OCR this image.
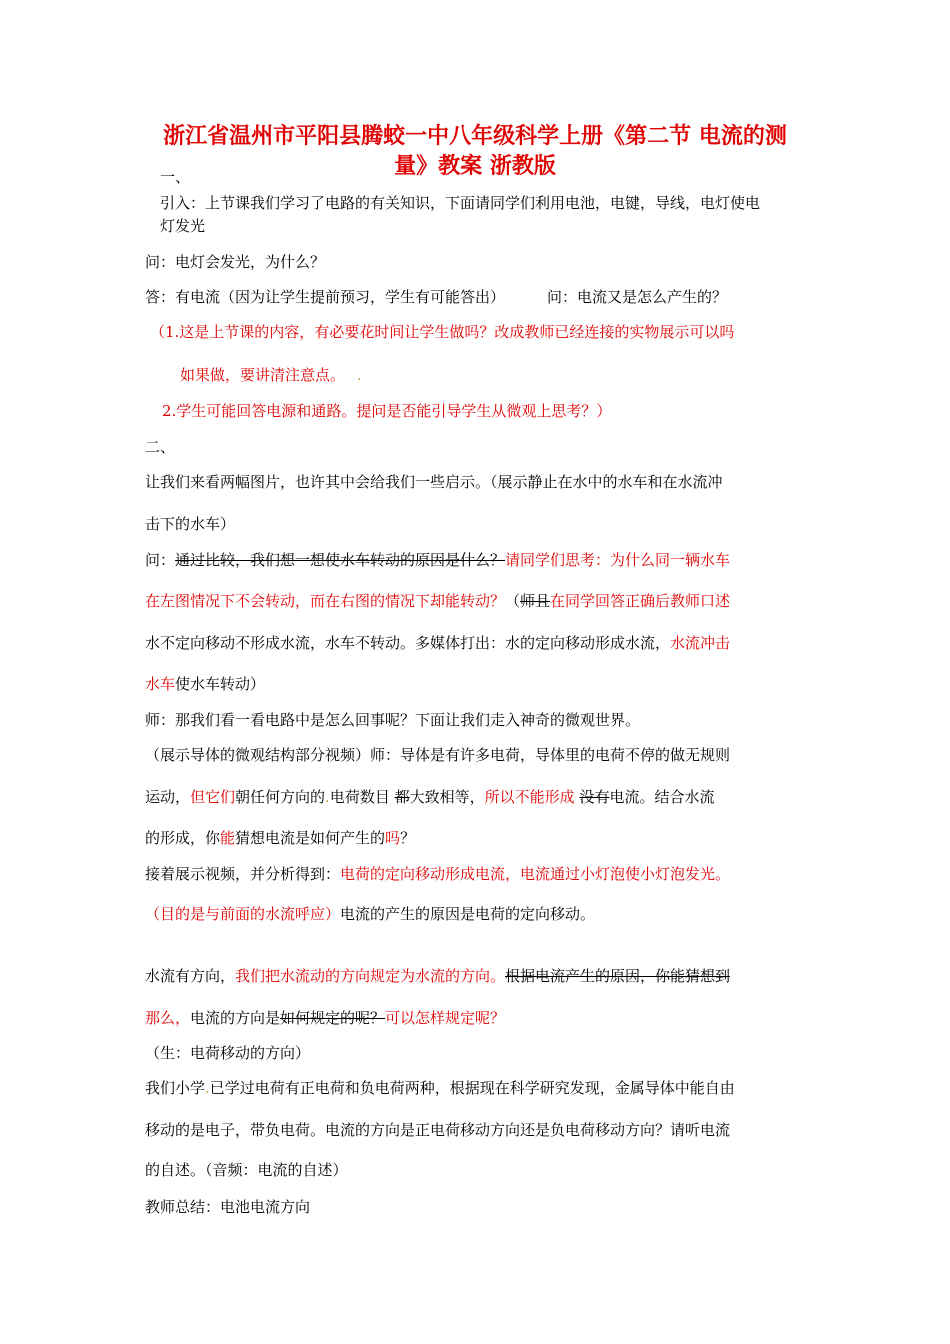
浙江省温州市平阳县腾蛟一中八年级科学上册《第二节 电流的测
量》教案 浙教版
一、
引入：上节课我们学习了电路的有关知识，下面请同学们利用电池，电键，导线，电灯使电
灯发光
问：电灯会发光，为什么？
答：有电流（因为让学生提前预习，学生有可能答出）	问：电流又是怎么产生的？
（1.这是上节课的内容，有必要花时间让学生做吗？改成教师已经连接的实物展示可以吗
如果做，要讲清注意点。 .
2.学生可能回答电源和通路。提问是否能引导学生从微观上思考？）
二、
让我们来看两幅图片，也许其中会给我们一些启示。（展示静止在水中的水车和在水流冲
击下的水车）
问：通过比较，我们想一想使水车转动的原因是什么？请同学们思考：为什么同一辆水车
在左图情况下不会转动，而在右图的情况下却能转动？（师且在同学回答正确后教师口述
水不定向移动不形成水流，水车不转动。多媒体打出：水的定向移动形成水流，水流冲击
水车使水车转动）
师：那我们看一看电路中是怎么回事呢？下面让我们走入神奇的微观世界。
（展示导体的微观结构部分视频）师：导体是有许多电荷，导体里的电荷不停的做无规则
运动，但它们朝任何方向的.电荷数目 都大致相等，所以不能形成 没有电流。结合水流
的形成，你能猜想电流是如何产生的吗？
接着展示视频，并分析得到：电荷的定向移动形成电流，电流通过小灯泡使小灯泡发光。
（目的是与前面的水流呼应）电流的产生的原因是电荷的定向移动。
水流有方向，我们把水流动的方向规定为水流的方向。根据电流产生的原因，你能猜想到
那么，电流的方向是如何规定的呢？可以怎样规定呢？
（生：电荷移动的方向）
我们小学.已学过电荷有正电荷和负电荷两种，根据现在科学研究发现，金属导体中能自由
移动的是电子，带负电荷。电流的方向是正电荷移动方向还是负电荷移动方向？请听电流
的自述。（音频：电流的自述）
教师总结：电池电流方向
